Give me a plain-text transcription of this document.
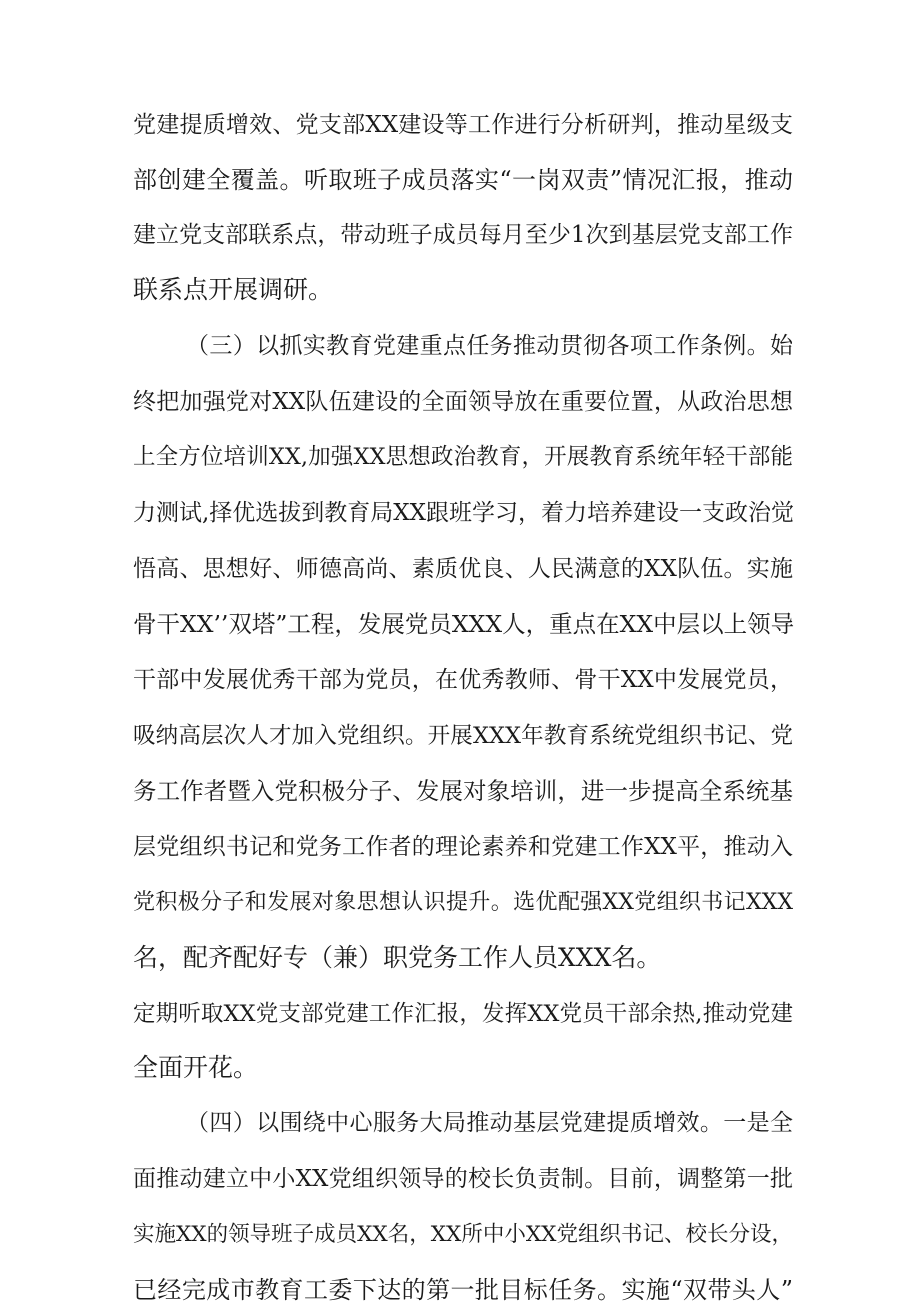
党建提质增效、党支部XX建设等工作进行分析研判，推动星级支
部创建全覆盖。听取班子成员落实“一岗双责”情况汇报，推动
建立党支部联系点，带动班子成员每月至少1次到基层党支部工作
联系点开展调研。
（三）以抓实教育党建重点任务推动贯彻各项工作条例。始
终把加强党对XX队伍建设的全面领导放在重要位置，从政治思想
上全方位培训XX,加强XX思想政治教育，开展教育系统年轻干部能
力测试,择优选拔到教育局XX跟班学习，着力培养建设一支政治觉
悟高、思想好、师德高尚、素质优良、人民满意的XX队伍。实施
骨干XX’’双塔”工程，发展党员XXX人，重点在XX中层以上领导
干部中发展优秀干部为党员，在优秀教师、骨干XX中发展党员，
吸纳高层次人才加入党组织。开展XXX年教育系统党组织书记、党
务工作者暨入党积极分子、发展对象培训，进一步提高全系统基
层党组织书记和党务工作者的理论素养和党建工作XX平，推动入
党积极分子和发展对象思想认识提升。选优配强XX党组织书记XXX
名，配齐配好专（兼）职党务工作人员XXX名。
定期听取XX党支部党建工作汇报，发挥XX党员干部余热,推动党建
全面开花。
（四）以围绕中心服务大局推动基层党建提质增效。一是全
面推动建立中小XX党组织领导的校长负责制。目前，调整第一批
实施XX的领导班子成员XX名，XX所中小XX党组织书记、校长分设，
已经完成市教育工委下达的第一批目标任务。实施“双带头人”
